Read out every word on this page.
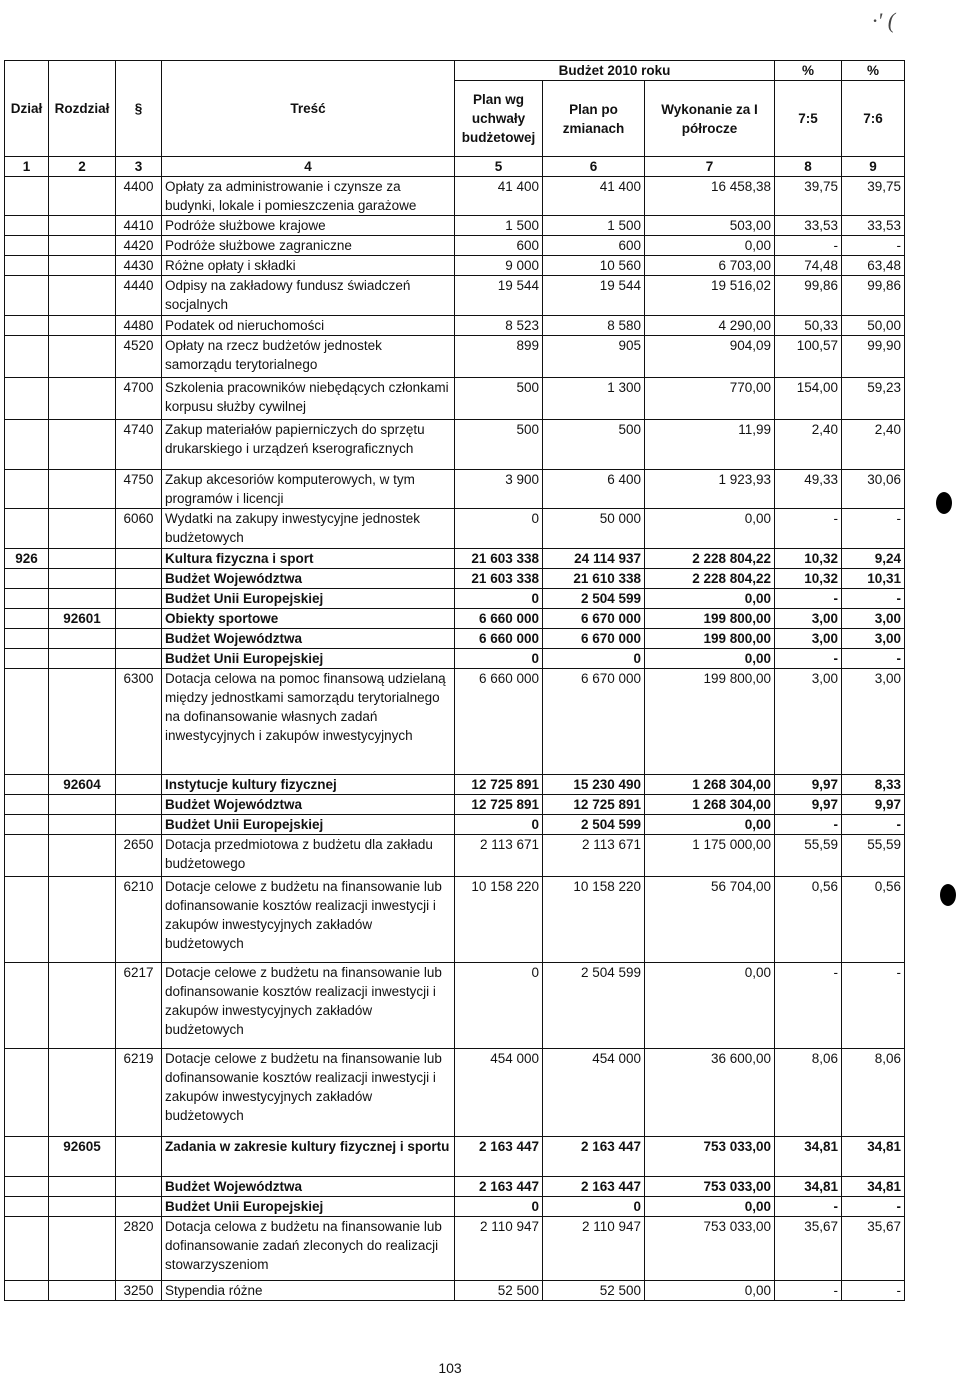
·' (
Dział	Rozdział	§	Treść	Budżet 2010 roku			%	%
				Plan wg uchwały budżetowej	Plan po zmianach	Wykonanie za I półrocze	7:5	7:6
1	2	3	4	5	6	7	8	9
		4400	Opłaty za administrowanie i czynsze za budynki, lokale i pomieszczenia garażowe	41 400	41 400	16 458,38	39,75	39,75
		4410	Podróże służbowe krajowe	1 500	1 500	503,00	33,53	33,53
		4420	Podróże służbowe zagraniczne	600	600	0,00	-	-
		4430	Różne opłaty i składki	9 000	10 560	6 703,00	74,48	63,48
		4440	Odpisy na zakładowy fundusz świadczeń socjalnych	19 544	19 544	19 516,02	99,86	99,86
		4480	Podatek od nieruchomości	8 523	8 580	4 290,00	50,33	50,00
		4520	Opłaty na rzecz budżetów jednostek samorządu terytorialnego	899	905	904,09	100,57	99,90
		4700	Szkolenia pracowników niebędących członkami korpusu służby cywilnej	500	1 300	770,00	154,00	59,23
		4740	Zakup materiałów papierniczych do sprzętu drukarskiego i urządzeń kserograficznych	500	500	11,99	2,40	2,40
		4750	Zakup akcesoriów komputerowych, w tym programów i licencji	3 900	6 400	1 923,93	49,33	30,06
		6060	Wydatki na zakupy inwestycyjne jednostek budżetowych	0	50 000	0,00	-	-
926			Kultura fizyczna i sport	21 603 338	24 114 937	2 228 804,22	10,32	9,24
			Budżet Województwa	21 603 338	21 610 338	2 228 804,22	10,32	10,31
			Budżet Unii Europejskiej	0	2 504 599	0,00	-	-
	92601		Obiekty sportowe	6 660 000	6 670 000	199 800,00	3,00	3,00
			Budżet Województwa	6 660 000	6 670 000	199 800,00	3,00	3,00
			Budżet Unii Europejskiej	0	0	0,00	-	-
		6300	Dotacja celowa na pomoc finansową udzielaną między jednostkami samorządu terytorialnego na dofinansowanie własnych zadań inwestycyjnych i zakupów inwestycyjnych	6 660 000	6 670 000	199 800,00	3,00	3,00
	92604		Instytucje kultury fizycznej	12 725 891	15 230 490	1 268 304,00	9,97	8,33
			Budżet Województwa	12 725 891	12 725 891	1 268 304,00	9,97	9,97
			Budżet Unii Europejskiej	0	2 504 599	0,00	-	-
		2650	Dotacja przedmiotowa z budżetu dla zakładu budżetowego	2 113 671	2 113 671	1 175 000,00	55,59	55,59
		6210	Dotacje celowe z budżetu na finansowanie lub dofinansowanie kosztów realizacji inwestycji i zakupów inwestycyjnych zakładów budżetowych	10 158 220	10 158 220	56 704,00	0,56	0,56
		6217	Dotacje celowe z budżetu na finansowanie lub dofinansowanie kosztów realizacji inwestycji i zakupów inwestycyjnych zakładów budżetowych	0	2 504 599	0,00	-	-
		6219	Dotacje celowe z budżetu na finansowanie lub dofinansowanie kosztów realizacji inwestycji i zakupów inwestycyjnych zakładów budżetowych	454 000	454 000	36 600,00	8,06	8,06
	92605		Zadania w zakresie kultury fizycznej i sportu	2 163 447	2 163 447	753 033,00	34,81	34,81
			Budżet Województwa	2 163 447	2 163 447	753 033,00	34,81	34,81
			Budżet Unii Europejskiej	0	0	0,00	-	-
		2820	Dotacja celowa z budżetu na finansowanie lub dofinansowanie zadań zleconych do realizacji stowarzyszeniom	2 110 947	2 110 947	753 033,00	35,67	35,67
		3250	Stypendia różne	52 500	52 500	0,00	-	-
103
